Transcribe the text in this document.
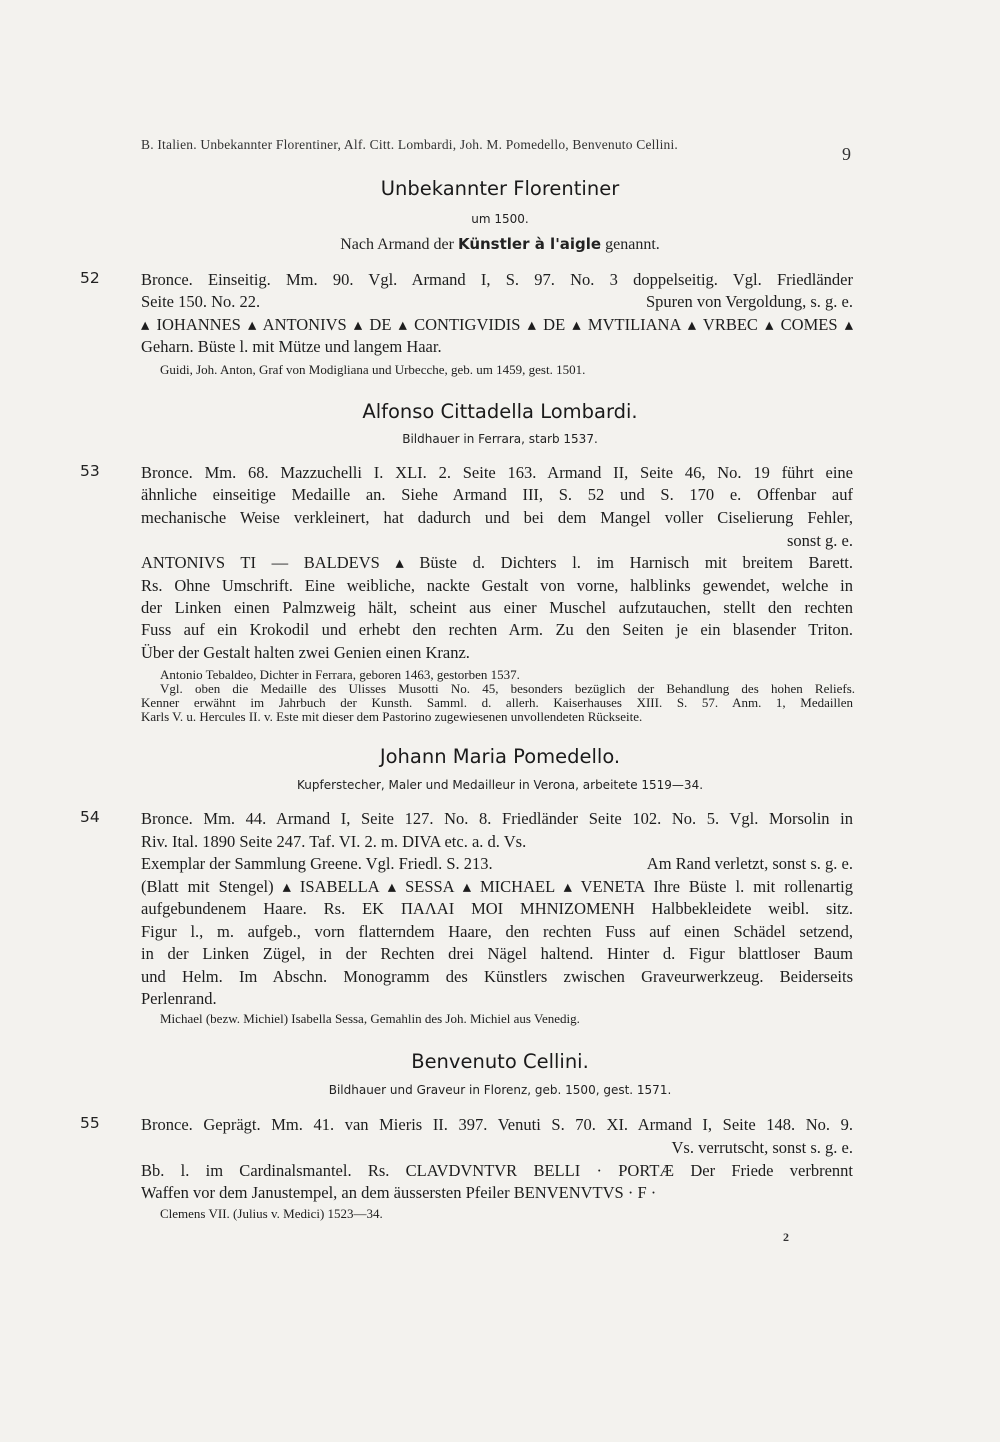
B. Italien. Unbekannter Florentiner, Alf. Citt. Lombardi, Joh. M. Pomedello, Benvenuto Cellini.	9
Unbekannter Florentiner
um 1500.
Nach Armand der Künstler à l'aigle genannt.
52	Bronce. Einseitig. Mm. 90. Vgl. Armand I, S. 97. No. 3 doppelseitig. Vgl. Friedländer
Seite 150. No. 22.	Spuren von Vergoldung, s. g. e.
▴ IOHANNES ▴ ANTONIVS ▴ DE ▴ CONTIGVIDIS ▴ DE ▴ MVTILIANA ▴ VRBEC ▴ COMES ▴
Geharn. Büste l. mit Mütze und langem Haar.
Guidi, Joh. Anton, Graf von Modigliana und Urbecche, geb. um 1459, gest. 1501.
Alfonso Cittadella Lombardi.
Bildhauer in Ferrara, starb 1537.
53	Bronce. Mm. 68. Mazzuchelli I. XLI. 2. Seite 163. Armand II, Seite 46, No. 19 führt eine
ähnliche einseitige Medaille an. Siehe Armand III, S. 52 und S. 170 e. Offenbar auf
mechanische Weise verkleinert, hat dadurch und bei dem Mangel voller Ciselierung Fehler,
sonst g. e.
ANTONIVS TI — BALDEVS ▴ Büste d. Dichters l. im Harnisch mit breitem Barett.
Rs. Ohne Umschrift. Eine weibliche, nackte Gestalt von vorne, halblinks gewendet, welche in
der Linken einen Palmzweig hält, scheint aus einer Muschel aufzutauchen, stellt den rechten
Fuss auf ein Krokodil und erhebt den rechten Arm. Zu den Seiten je ein blasender Triton.
Über der Gestalt halten zwei Genien einen Kranz.
Antonio Tebaldeo, Dichter in Ferrara, geboren 1463, gestorben 1537.
Vgl. oben die Medaille des Ulisses Musotti No. 45, besonders bezüglich der Behandlung des hohen Reliefs.
Kenner erwähnt im Jahrbuch der Kunsth. Samml. d. allerh. Kaiserhauses XIII. S. 57. Anm. 1, Medaillen
Karls V. u. Hercules II. v. Este mit dieser dem Pastorino zugewiesenen unvollendeten Rückseite.
Johann Maria Pomedello.
Kupferstecher, Maler und Medailleur in Verona, arbeitete 1519—34.
54	Bronce. Mm. 44. Armand I, Seite 127. No. 8. Friedländer Seite 102. No. 5. Vgl. Morsolin in
Riv. Ital. 1890 Seite 247. Taf. VI. 2. m. DIVA etc. a. d. Vs.
Exemplar der Sammlung Greene. Vgl. Friedl. S. 213.	Am Rand verletzt, sonst s. g. e.
(Blatt mit Stengel) ▴ ISABELLA ▴ SESSA ▴ MICHAEL ▴ VENETA Ihre Büste l. mit rollenartig
aufgebundenem Haare. Rs. ΕΚ ΠΑΛΑΙ ΜΟΙ ΜΗΝΙΖΟΜΕΝΗ Halbbekleidete weibl. sitz.
Figur l., m. aufgeb., vorn flatterndem Haare, den rechten Fuss auf einen Schädel setzend,
in der Linken Zügel, in der Rechten drei Nägel haltend. Hinter d. Figur blattloser Baum
und Helm. Im Abschn. Monogramm des Künstlers zwischen Graveurwerkzeug. Beiderseits
Perlenrand.
Michael (bezw. Michiel) Isabella Sessa, Gemahlin des Joh. Michiel aus Venedig.
Benvenuto Cellini.
Bildhauer und Graveur in Florenz, geb. 1500, gest. 1571.
55	Bronce. Geprägt. Mm. 41. van Mieris II. 397. Venuti S. 70. XI. Armand I, Seite 148. No. 9.
Vs. verrutscht, sonst s. g. e.
Bb. l. im Cardinalsmantel. Rs. CLAVDVNTVR BELLI · PORTÆ Der Friede verbrennt
Waffen vor dem Janustempel, an dem äussersten Pfeiler BENVENVTVS · F ·
Clemens VII. (Julius v. Medici) 1523—34.
2
